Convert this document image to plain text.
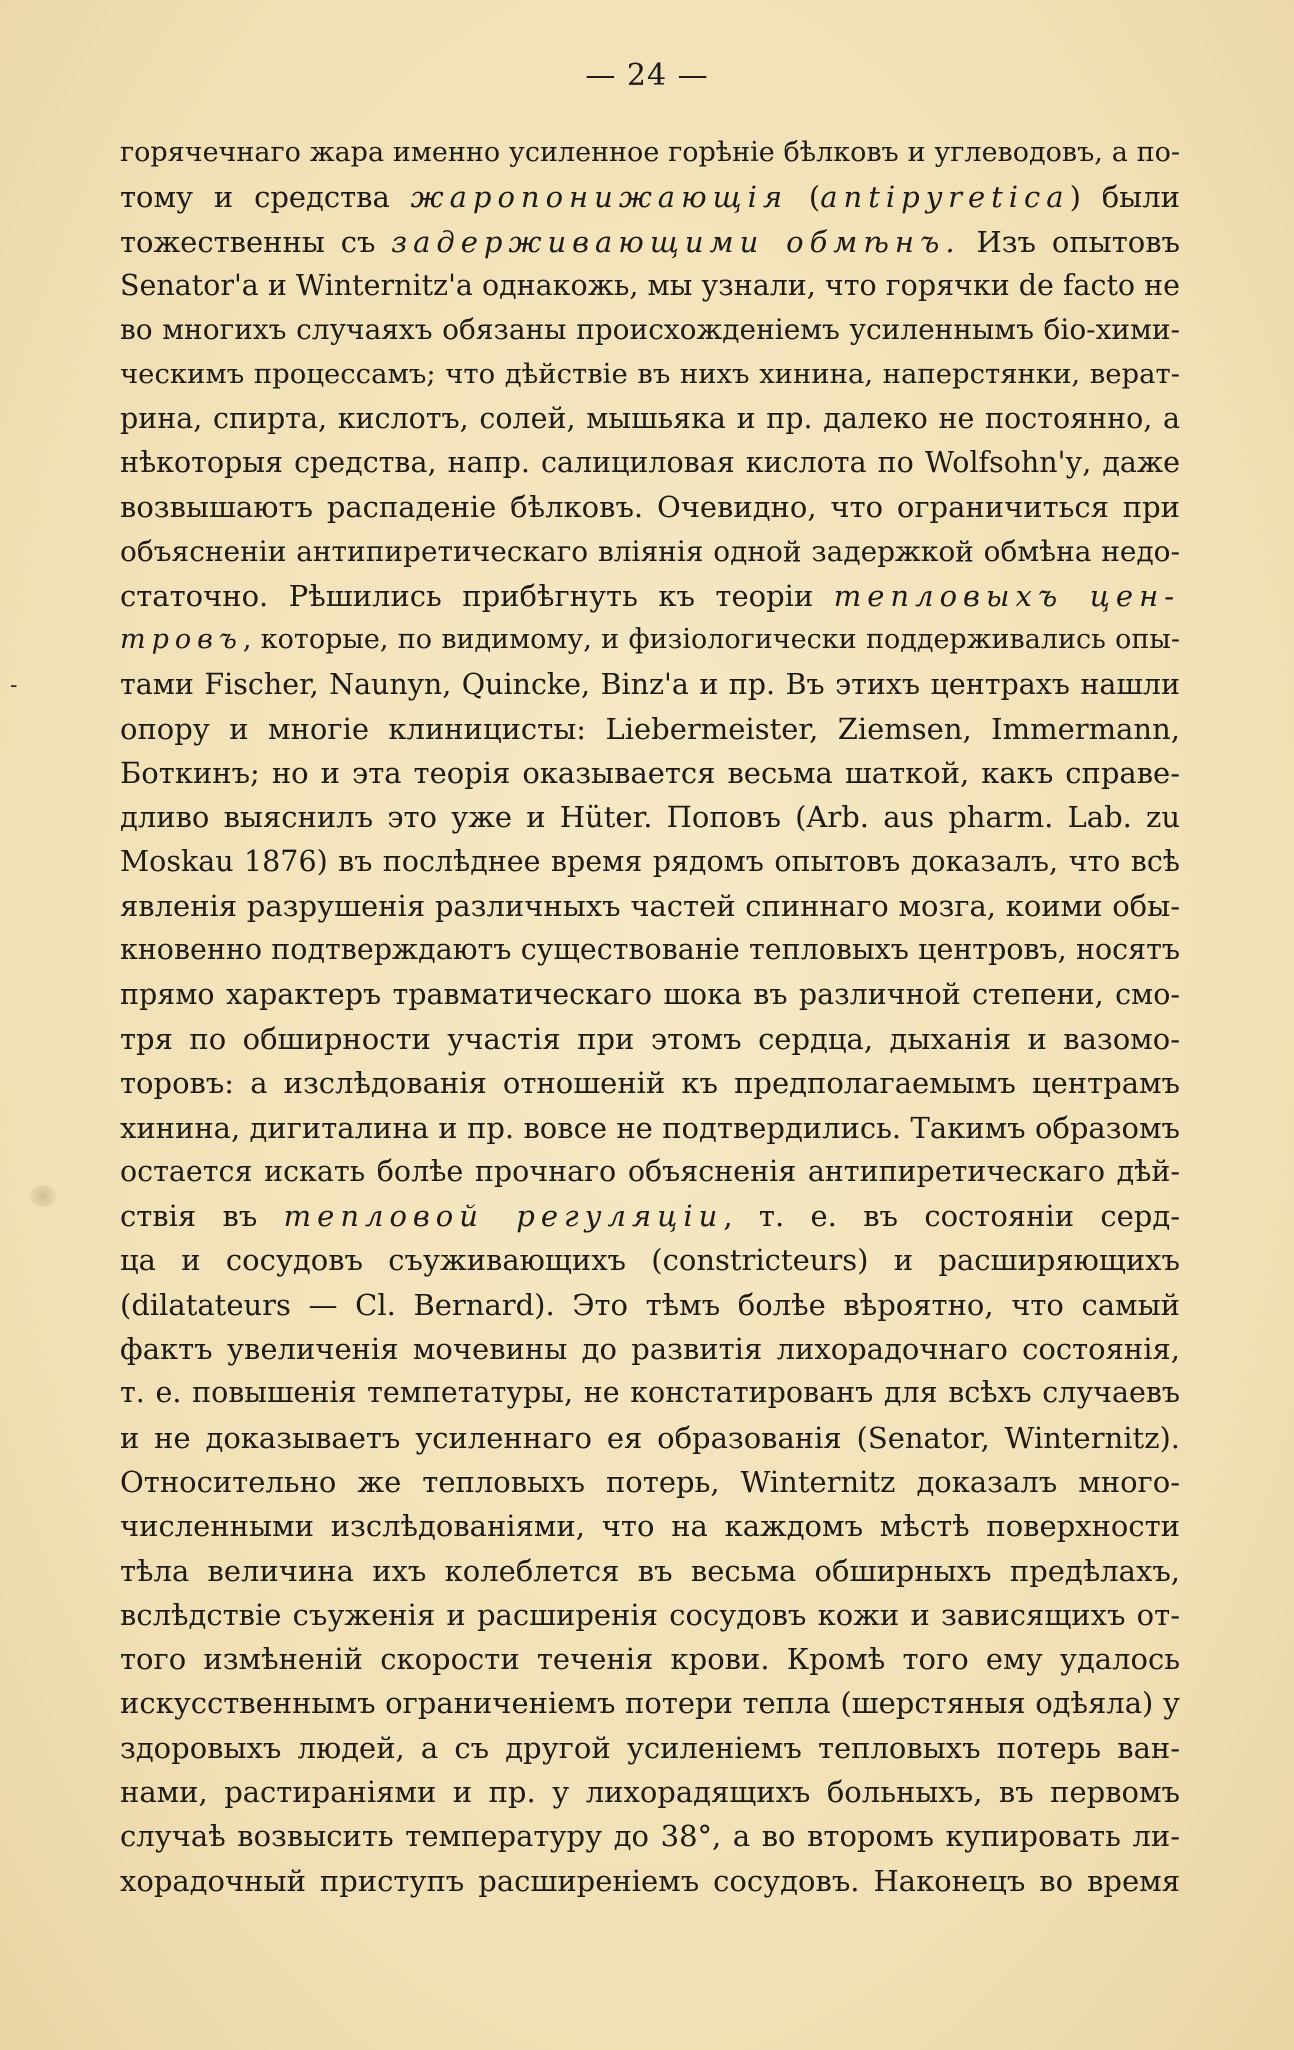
— 24 —
горячечнаго жара именно усиленное горѣніе бѣлковъ и углеводовъ, а по-
тому и средства жаропонижающія (antipyretica) были
тожественны съ задерживающими обмѣнъ. Изъ опытовъ
Senator'а и Winternitz'а однакожь, мы узнали, что горячки de facto не
во многихъ случаяхъ обязаны происхожденіемъ усиленнымъ біо-хими-
ческимъ процессамъ; что дѣйствіе въ нихъ хинина, наперстянки, верат-
рина, спирта, кислотъ, солей, мышьяка и пр. далеко не постоянно, а
нѣкоторыя средства, напр. салициловая кислота по Wolfsohn'у, даже
возвышаютъ распаденіе бѣлковъ. Очевидно, что ограничиться при
объясненіи антипиретическаго вліянія одной задержкой обмѣна недо-
статочно. Рѣшились прибѣгнуть къ теоріи тепловыхъ цен-
тровъ, которые, по видимому, и физіологически поддерживались опы-
тами Fischer, Naunyn, Quincke, Binz'а и пр. Въ этихъ центрахъ нашли
опору и многіе клиницисты: Liebermeister, Ziemsen, Immermann,
Боткинъ; но и эта теорія оказывается весьма шаткой, какъ справе-
дливо выяснилъ это уже и Hüter. Поповъ (Arb. aus pharm. Lab. zu
Moskau 1876) въ послѣднее время рядомъ опытовъ доказалъ, что всѣ
явленія разрушенія различныхъ частей спиннаго мозга, коими обы-
кновенно подтверждаютъ существованіе тепловыхъ центровъ, носятъ
прямо характеръ травматическаго шока въ различной степени, смо-
тря по обширности участія при этомъ сердца, дыханія и вазомо-
торовъ: а изслѣдованія отношеній къ предполагаемымъ центрамъ
хинина, дигиталина и пр. вовсе не подтвердились. Такимъ образомъ
остается искать болѣе прочнаго объясненія антипиретическаго дѣй-
ствія въ тепловой регуляціи, т. е. въ состояніи серд-
ца и сосудовъ съуживающихъ (constricteurs) и расширяющихъ
(dilatateurs — Cl. Bernard). Это тѣмъ болѣе вѣроятно, что самый
фактъ увеличенія мочевины до развитія лихорадочнаго состоянія,
т. е. повышенія темпетатуры, не констатированъ для всѣхъ случаевъ
и не доказываетъ усиленнаго ея образованія (Senator, Winternitz).
Относительно же тепловыхъ потерь, Winternitz доказалъ много-
численными изслѣдованіями, что на каждомъ мѣстѣ поверхности
тѣла величина ихъ колеблется въ весьма обширныхъ предѣлахъ,
вслѣдствіе съуженія и расширенія сосудовъ кожи и зависящихъ от-
того измѣненій скорости теченія крови. Кромѣ того ему удалось
искусственнымъ ограниченіемъ потери тепла (шерстяныя одѣяла) у
здоровыхъ людей, а съ другой усиленіемъ тепловыхъ потерь ван-
нами, растираніями и пр. у лихорадящихъ больныхъ, въ первомъ
случаѣ возвысить температуру до 38°, а во второмъ купировать ли-
хорадочный приступъ расширеніемъ сосудовъ. Наконецъ во время
-
